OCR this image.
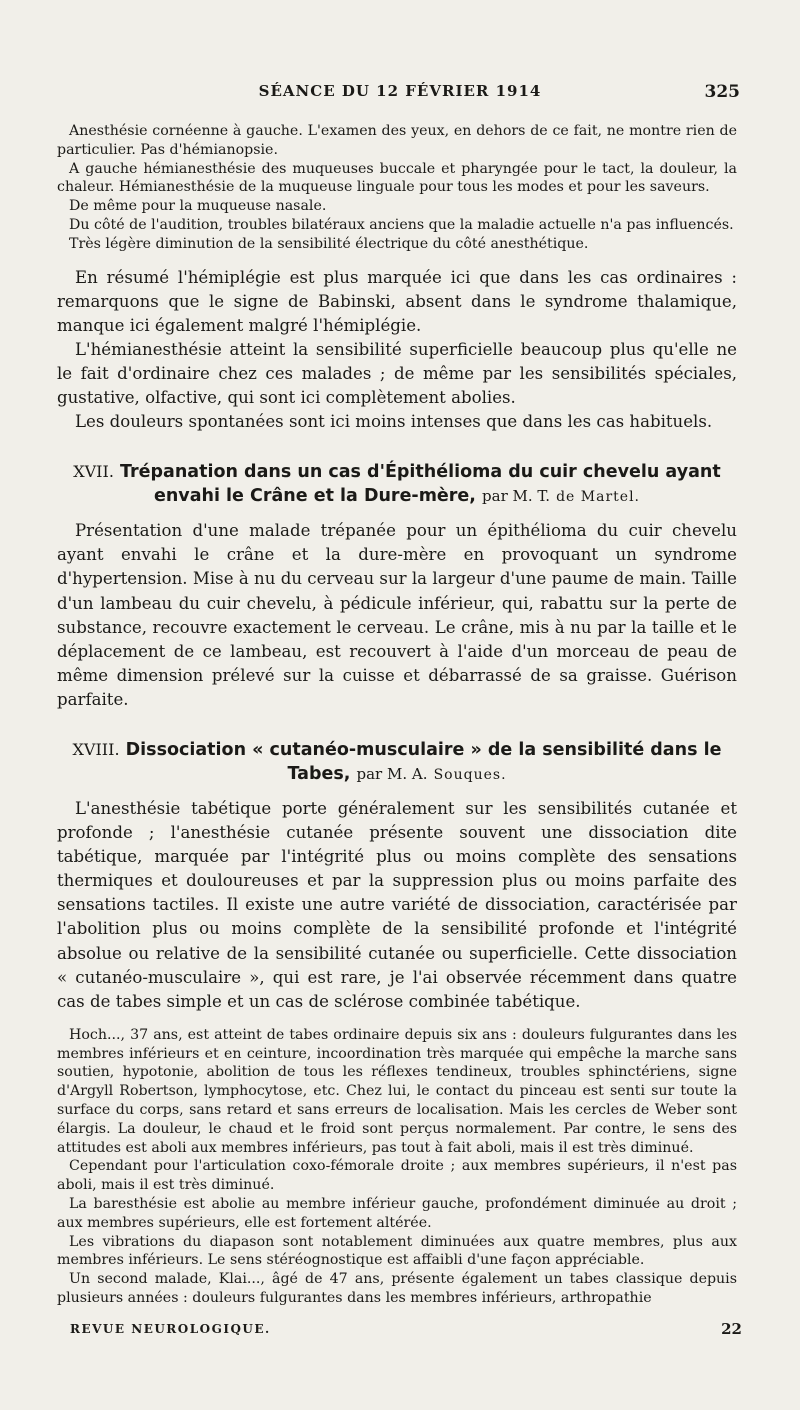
SÉANCE DU 12 FÉVRIER 1914	325

Anesthésie cornéenne à gauche. L'examen des yeux, en dehors de ce fait, ne montre rien de particulier. Pas d'hémianopsie.

A gauche hémianesthésie des muqueuses buccale et pharyngée pour le tact, la douleur, la chaleur. Hémianesthésie de la muqueuse linguale pour tous les modes et pour les saveurs.

De même pour la muqueuse nasale.

Du côté de l'audition, troubles bilatéraux anciens que la maladie actuelle n'a pas influencés.

Très légère diminution de la sensibilité électrique du côté anesthétique.

En résumé l'hémiplégie est plus marquée ici que dans les cas ordinaires : remarquons que le signe de Babinski, absent dans le syndrome thalamique, manque ici également malgré l'hémiplégie.

L'hémianesthésie atteint la sensibilité superficielle beaucoup plus qu'elle ne le fait d'ordinaire chez ces malades ; de même par les sensibilités spéciales, gustative, olfactive, qui sont ici complètement abolies.

Les douleurs spontanées sont ici moins intenses que dans les cas habituels.

XVII. Trépanation dans un cas d'Épithélioma du cuir chevelu ayant envahi le Crâne et la Dure-mère, par M. T. de Martel.

Présentation d'une malade trépanée pour un épithélioma du cuir chevelu ayant envahi le crâne et la dure-mère en provoquant un syndrome d'hypertension. Mise à nu du cerveau sur la largeur d'une paume de main. Taille d'un lambeau du cuir chevelu, à pédicule inférieur, qui, rabattu sur la perte de substance, recouvre exactement le cerveau. Le crâne, mis à nu par la taille et le déplacement de ce lambeau, est recouvert à l'aide d'un morceau de peau de même dimension prélevé sur la cuisse et débarrassé de sa graisse. Guérison parfaite.

XVIII. Dissociation « cutanéo-musculaire » de la sensibilité dans le Tabes, par M. A. Souques.

L'anesthésie tabétique porte généralement sur les sensibilités cutanée et profonde ; l'anesthésie cutanée présente souvent une dissociation dite tabétique, marquée par l'intégrité plus ou moins complète des sensations thermiques et douloureuses et par la suppression plus ou moins parfaite des sensations tactiles. Il existe une autre variété de dissociation, caractérisée par l'abolition plus ou moins complète de la sensibilité profonde et l'intégrité absolue ou relative de la sensibilité cutanée ou superficielle. Cette dissociation « cutanéo-musculaire », qui est rare, je l'ai observée récemment dans quatre cas de tabes simple et un cas de sclérose combinée tabétique.

Hoch..., 37 ans, est atteint de tabes ordinaire depuis six ans : douleurs fulgurantes dans les membres inférieurs et en ceinture, incoordination très marquée qui empêche la marche sans soutien, hypotonie, abolition de tous les réflexes tendineux, troubles sphinctériens, signe d'Argyll Robertson, lymphocytose, etc. Chez lui, le contact du pinceau est senti sur toute la surface du corps, sans retard et sans erreurs de localisation. Mais les cercles de Weber sont élargis. La douleur, le chaud et le froid sont perçus normalement. Par contre, le sens des attitudes est aboli aux membres inférieurs, pas tout à fait aboli, mais il est très diminué.

Cependant pour l'articulation coxo-fémorale droite ; aux membres supérieurs, il n'est pas aboli, mais il est très diminué.

La baresthésie est abolie au membre inférieur gauche, profondément diminuée au droit ; aux membres supérieurs, elle est fortement altérée.

Les vibrations du diapason sont notablement diminuées aux quatre membres, plus aux membres inférieurs. Le sens stéréognostique est affaibli d'une façon appréciable.

Un second malade, Klai..., âgé de 47 ans, présente également un tabes classique depuis plusieurs années : douleurs fulgurantes dans les membres inférieurs, arthropathie

REVUE NEUROLOGIQUE.	22
